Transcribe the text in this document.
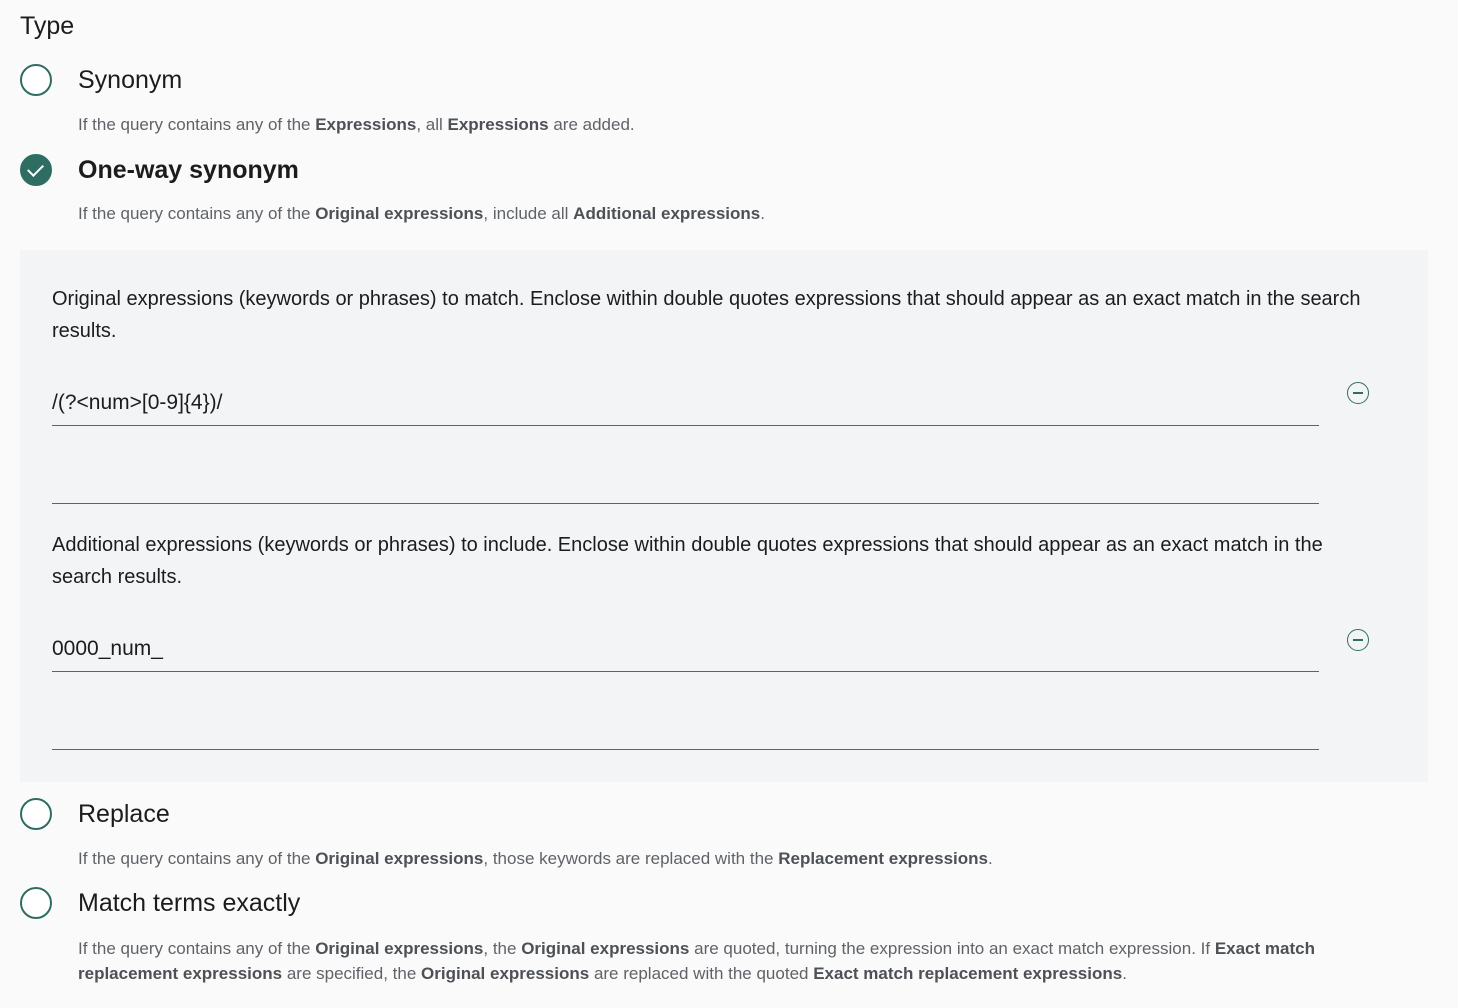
Type
Synonym
If the query contains any of the Expressions, all Expressions are added.
One-way synonym
If the query contains any of the Original expressions, include all Additional expressions.

Original expressions (keywords or phrases) to match. Enclose within double quotes expressions that should appear as an exact match in the search results.

/(?<num>[0-9]{4})/

Additional expressions (keywords or phrases) to include. Enclose within double quotes expressions that should appear as an exact match in the search results.

0000_num_
Replace
If the query contains any of the Original expressions, those keywords are replaced with the Replacement expressions.
Match terms exactly
If the query contains any of the Original expressions, the Original expressions are quoted, turning the expression into an exact match expression. If Exact match replacement expressions are specified, the Original expressions are replaced with the quoted Exact match replacement expressions.
